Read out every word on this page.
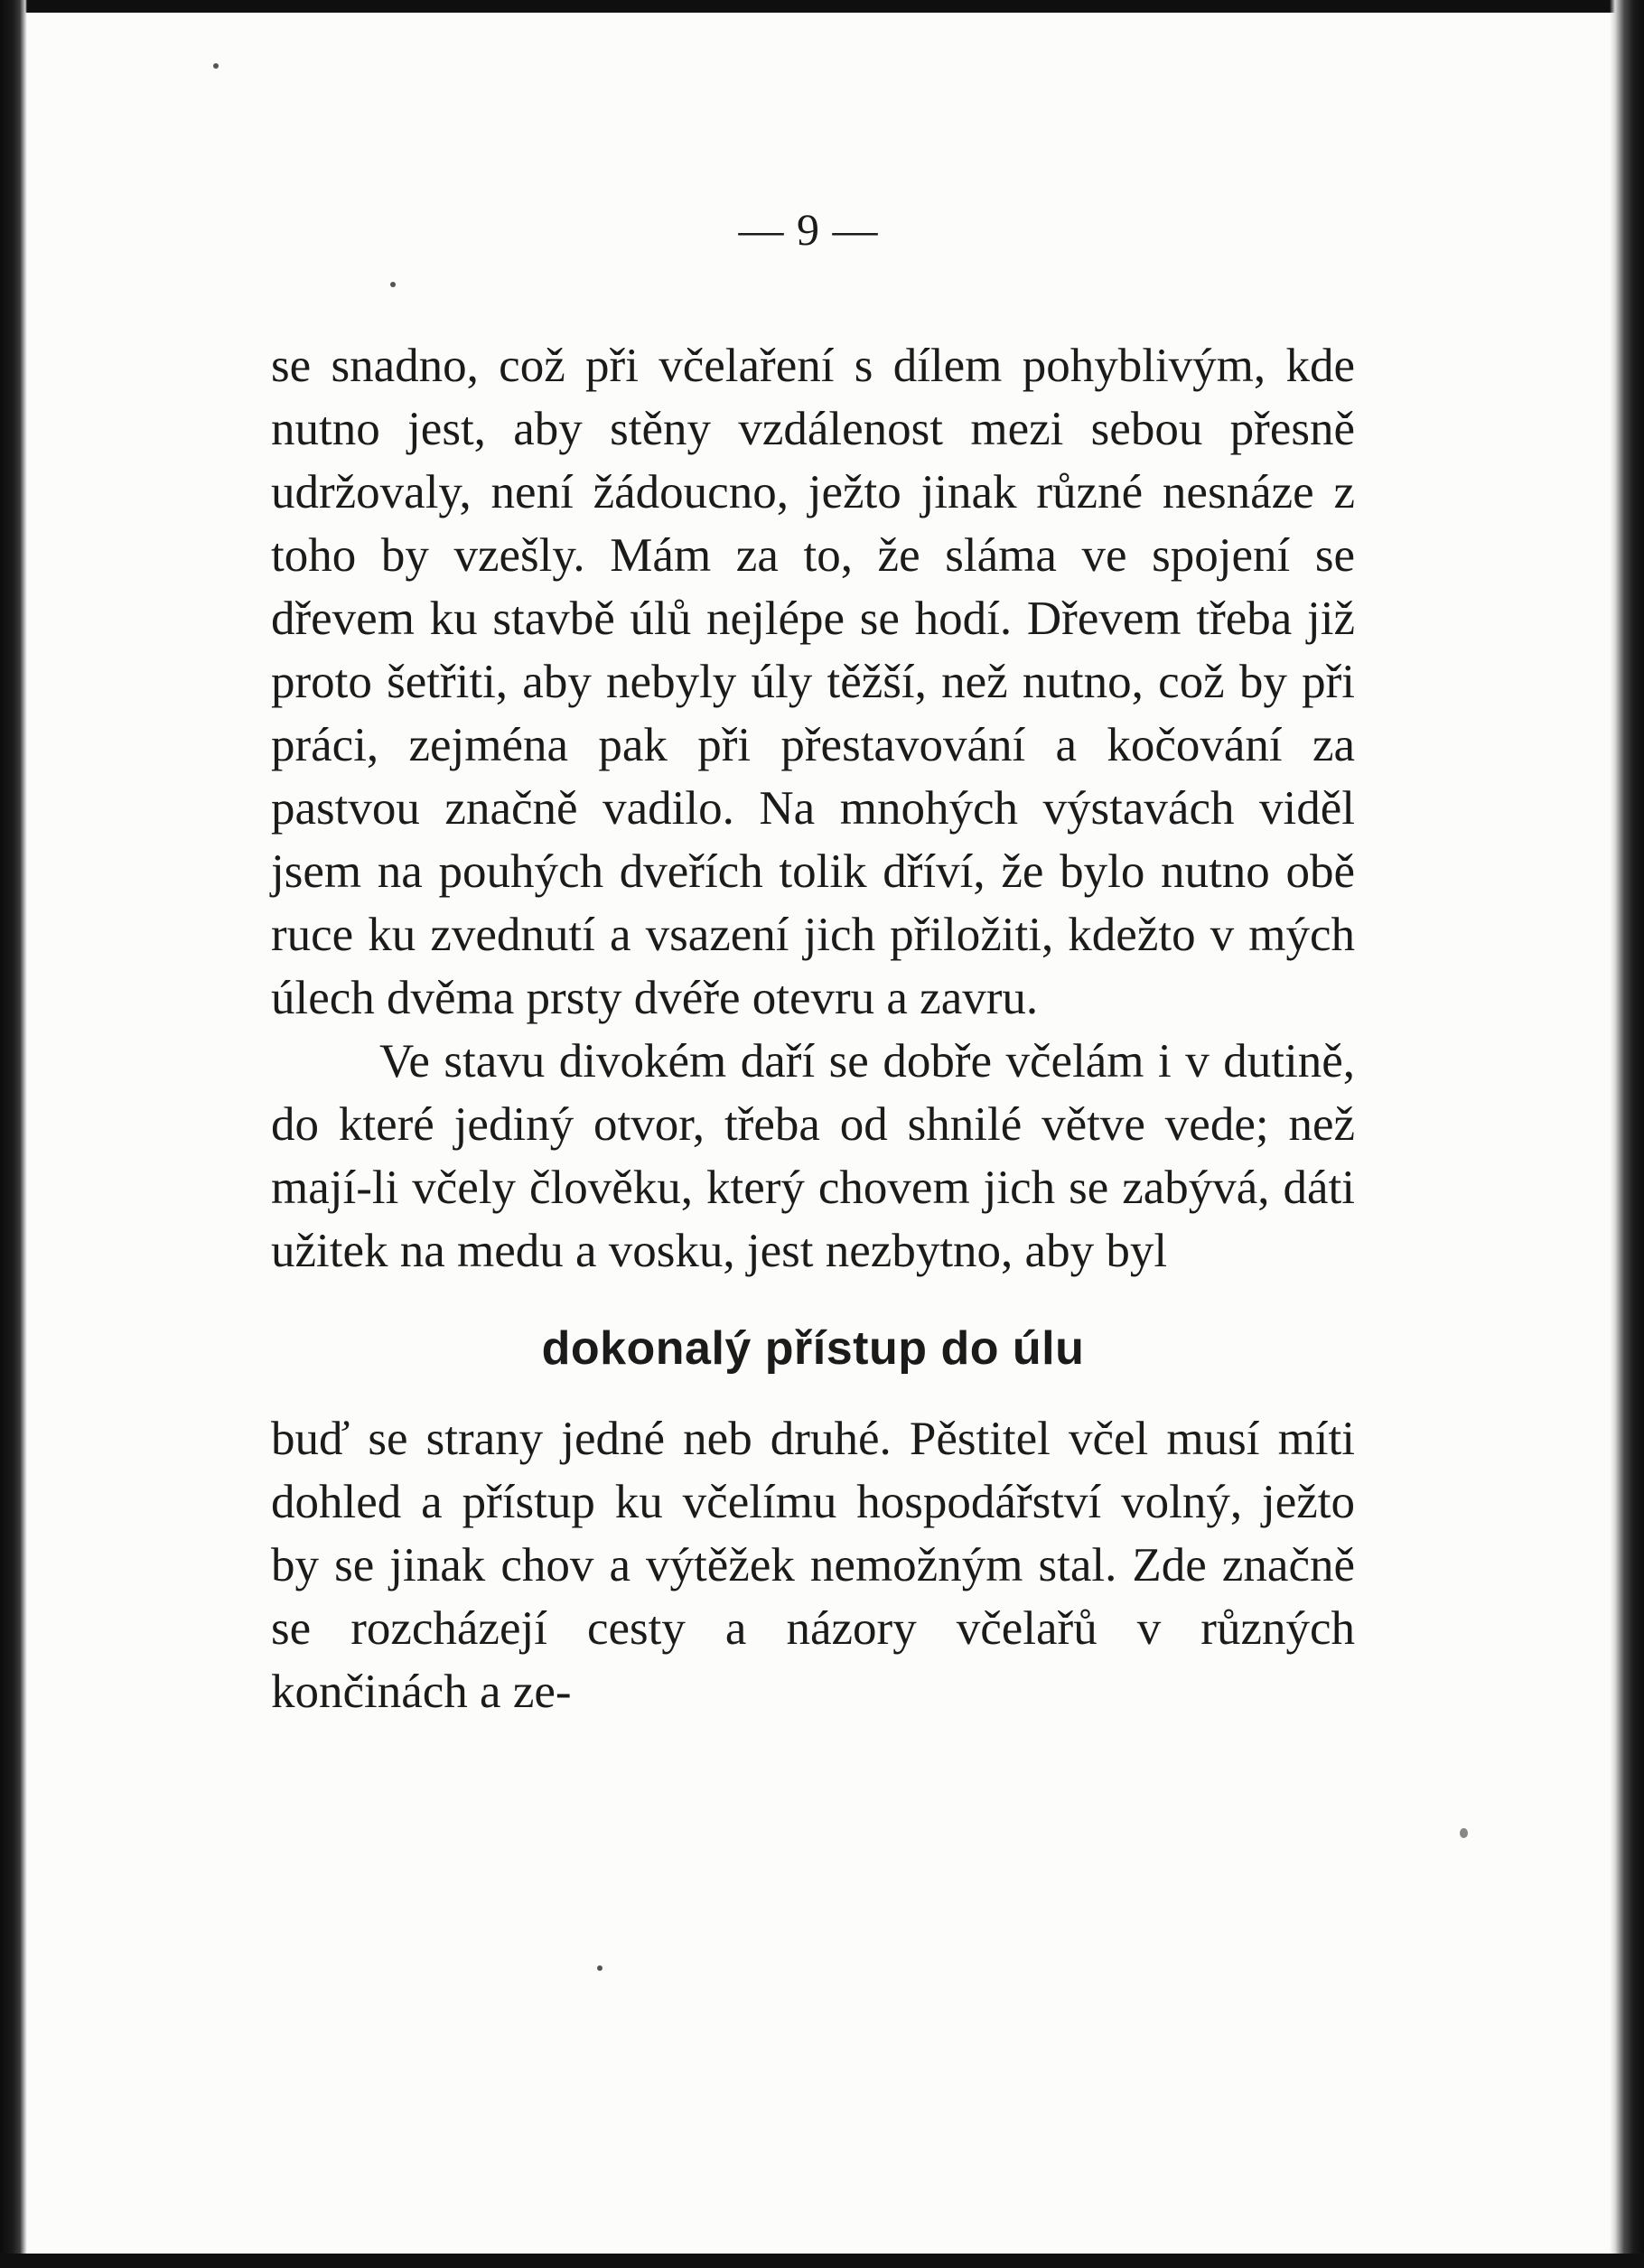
— 9 —

se snadno, což při včelaření s dílem pohyblivým, kde nutno jest, aby stěny vzdálenost mezi sebou přesně udržovaly, není žádoucno, ježto jinak různé nesnáze z toho by vzešly. Mám za to, že sláma ve spojení se dřevem ku stavbě úlů nejlépe se hodí. Dřevem třeba již proto šetřiti, aby nebyly úly těžší, než nutno, což by při práci, zejména pak při přestavování a kočování za pastvou značně vadilo. Na mnohých výstavách viděl jsem na pouhých dveřích tolik dříví, že bylo nutno obě ruce ku zvednutí a vsazení jich přiložiti, kdežto v mých úlech dvěma prsty dvéře otevru a zavru.

Ve stavu divokém daří se dobře včelám i v dutině, do které jediný otvor, třeba od shnilé větve vede; než mají-li včely člověku, který chovem jich se zabývá, dáti užitek na medu a vosku, jest nezbytno, aby byl

dokonalý přístup do úlu

buď se strany jedné neb druhé. Pěstitel včel musí míti dohled a přístup ku včelímu hospodářství volný, ježto by se jinak chov a výtěžek nemožným stal. Zde značně se rozcházejí cesty a názory včelařů v různých končinách a ze-
